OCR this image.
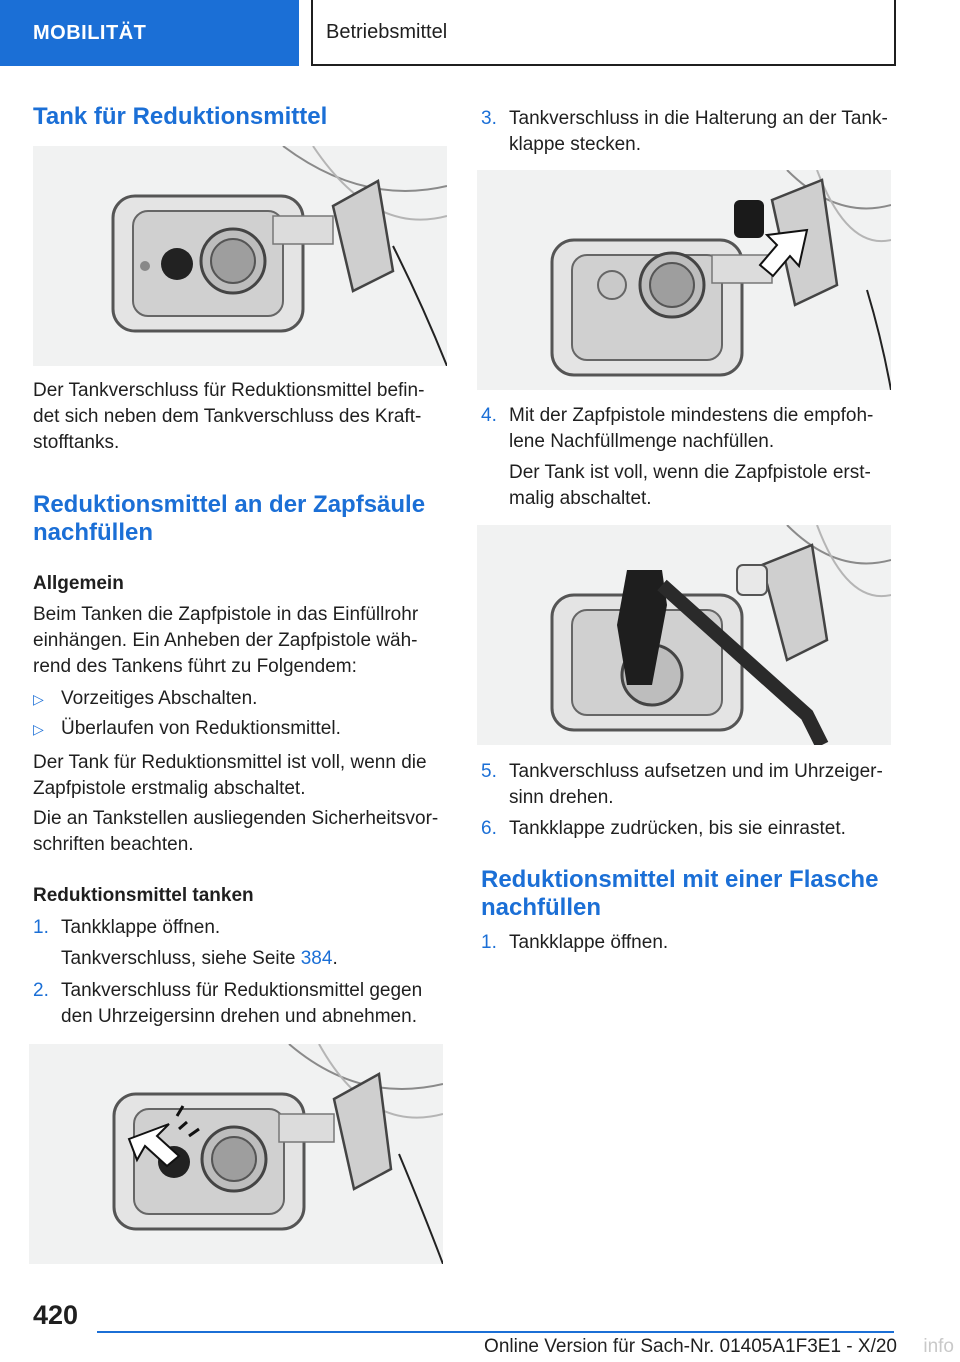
MOBILITÄT	Betriebsmittel
Tank für Reduktionsmittel

Der Tankverschluss für Reduktionsmittel befin-

det sich neben dem Tankverschluss des Kraft-

stofftanks.

Reduktionsmittel an der Zapfsäule
nachfüllen
Allgemein

Beim Tanken die Zapfpistole in das Einfüllrohr

einhängen. Ein Anheben der Zapfpistole wäh-

rend des Tankens führt zu Folgendem:

▷ Vorzeitiges Abschalten.
▷ Überlaufen von Reduktionsmittel.

Der Tank für Reduktionsmittel ist voll, wenn die

Zapfpistole erstmalig abschaltet.

Die an Tankstellen ausliegenden Sicherheitsvor-

schriften beachten.

Reduktionsmittel tanken
1. Tankklappe öffnen.
Tankverschluss, siehe Seite 384.
2. Tankverschluss für Reduktionsmittel gegen
den Uhrzeigersinn drehen und abnehmen.
3. Tankverschluss in die Halterung an der Tank-
klappe stecken.
4. Mit der Zapfpistole mindestens die empfoh-
lene Nachfüllmenge nachfüllen.
Der Tank ist voll, wenn die Zapfpistole erst-
malig abschaltet.
5. Tankverschluss aufsetzen und im Uhrzeiger-
sinn drehen.
6. Tankklappe zudrücken, bis sie einrastet.
Reduktionsmittel mit einer Flasche
nachfüllen
1. Tankklappe öffnen.
420
Online Version für Sach-Nr. 01405A1F3E1 - X/20 info
